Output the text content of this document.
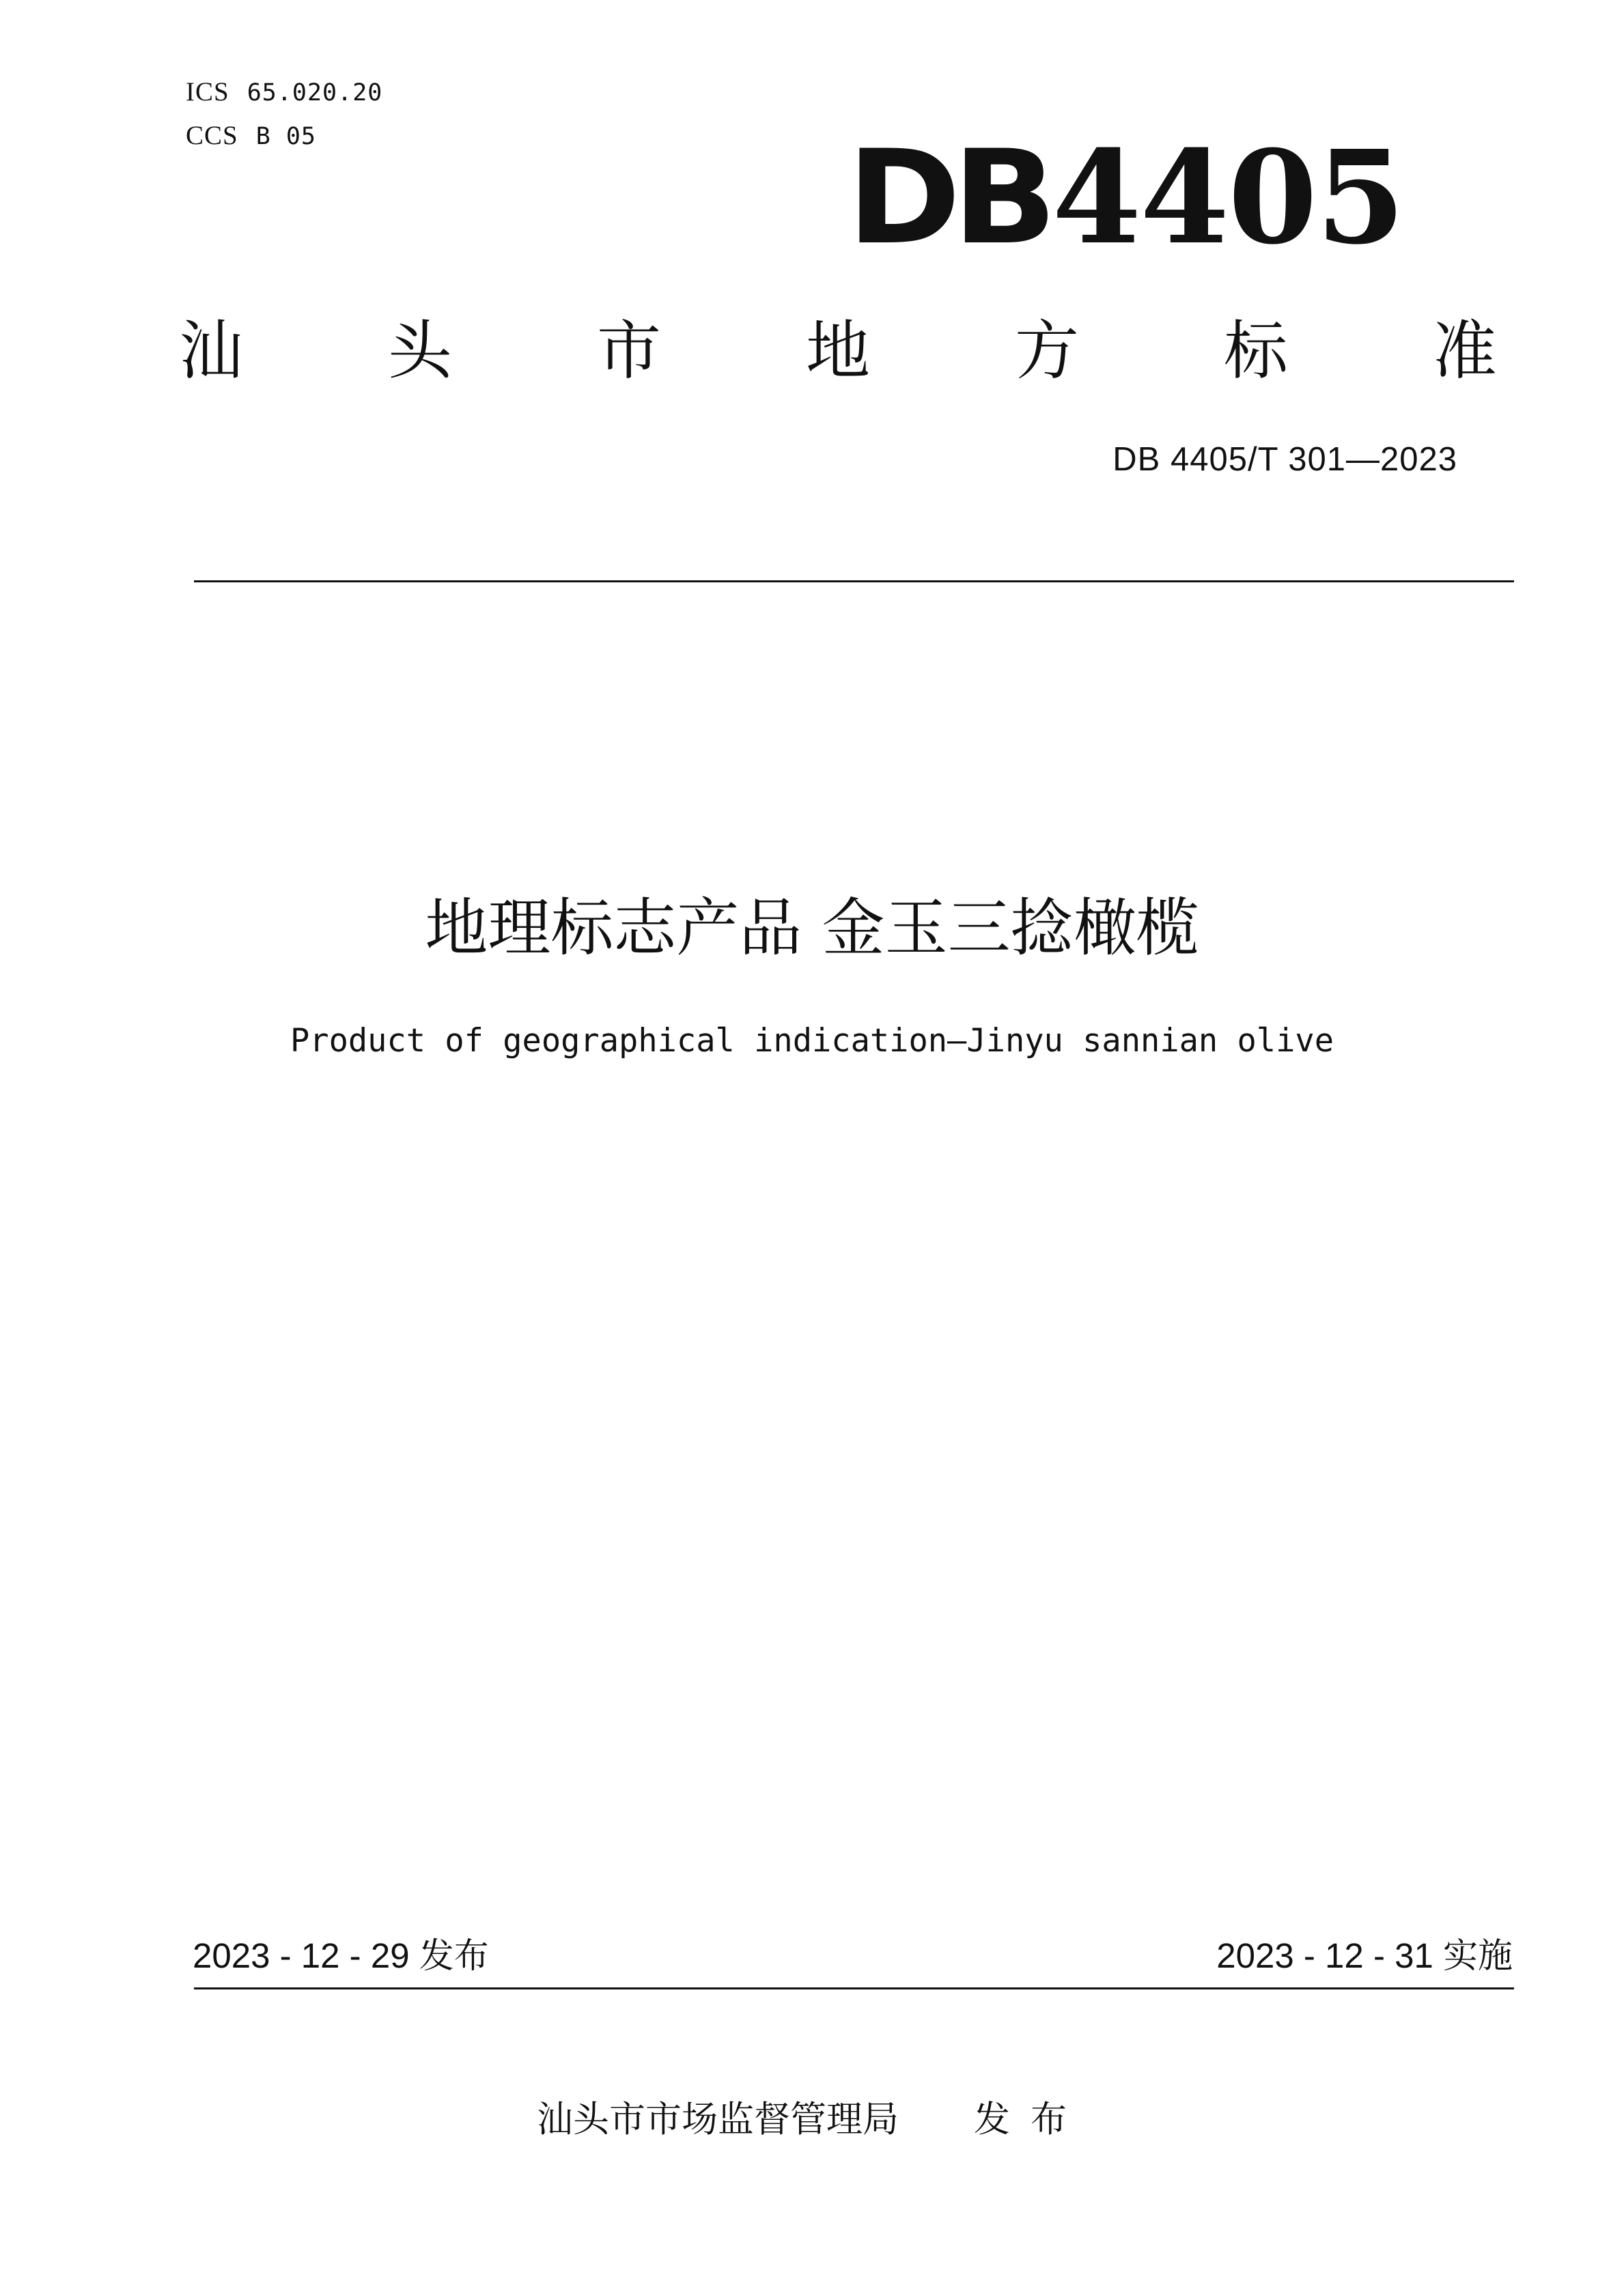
ICS 65.020.20
CCS B 05	DB 4405
汕 头 市 地 方 标 准
DB 4405/T 301—2023
地理标志产品 金玉三捻橄榄
Product of geographical indication—Jinyu sannian olive
2023 - 12 - 29 发布	2023 - 12 - 31 实施
汕头市市场监督管理局 发布
